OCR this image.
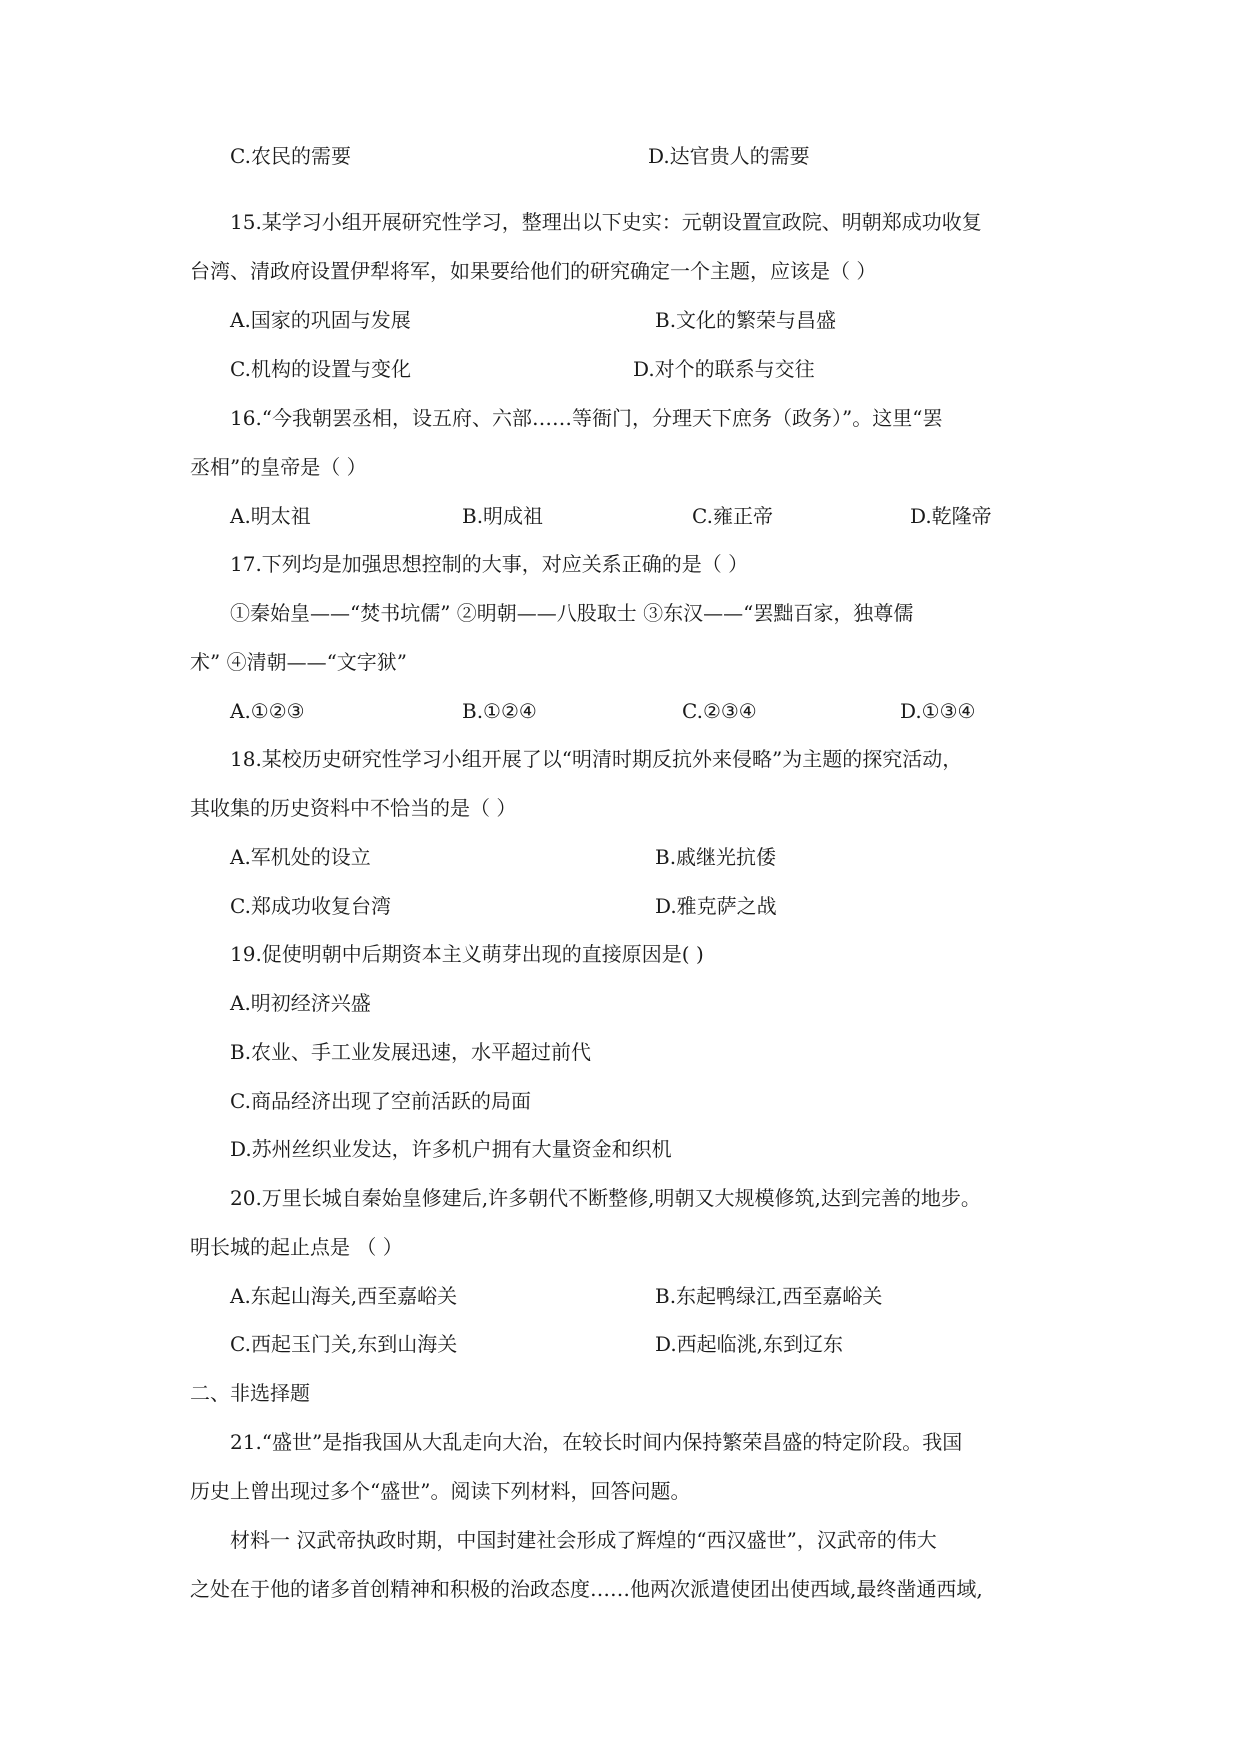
C.农民的需要	D.达官贵人的需要
15.某学习小组开展研究性学习，整理出以下史实：元朝设置宣政院、明朝郑成功收复
台湾、清政府设置伊犁将军，如果要给他们的研究确定一个主题，应该是（ ）
A.国家的巩固与发展	B.文化的繁荣与昌盛
C.机构的设置与变化	D.对个的联系与交往
16.“今我朝罢丞相，设五府、六部……等衙门，分理天下庶务（政务）”。这里“罢
丞相”的皇帝是（ ）
A.明太祖	B.明成祖	C.雍正帝	D.乾隆帝
17.下列均是加强思想控制的大事，对应关系正确的是（ ）
①秦始皇——“焚书坑儒” ②明朝——八股取士 ③东汉——“罢黜百家，独尊儒
术” ④清朝——“文字狱”
A.①②③	B.①②④	C.②③④	D.①③④
18.某校历史研究性学习小组开展了以“明清时期反抗外来侵略”为主题的探究活动，
其收集的历史资料中不恰当的是（ ）
A.军机处的设立	B.戚继光抗倭
C.郑成功收复台湾	D.雅克萨之战
19.促使明朝中后期资本主义萌芽出现的直接原因是( )
A.明初经济兴盛
B.农业、手工业发展迅速，水平超过前代
C.商品经济出现了空前活跃的局面
D.苏州丝织业发达，许多机户拥有大量资金和织机
20.万里长城自秦始皇修建后,许多朝代不断整修,明朝又大规模修筑,达到完善的地步。
明长城的起止点是 （ ）
A.东起山海关,西至嘉峪关	B.东起鸭绿江,西至嘉峪关
C.西起玉门关,东到山海关	D.西起临洮,东到辽东
二、非选择题
21.“盛世”是指我国从大乱走向大治，在较长时间内保持繁荣昌盛的特定阶段。我国
历史上曾出现过多个“盛世”。阅读下列材料，回答问题。
材料一 汉武帝执政时期，中国封建社会形成了辉煌的“西汉盛世”，汉武帝的伟大
之处在于他的诸多首创精神和积极的治政态度……他两次派遣使团出使西域,最终凿通西域,
